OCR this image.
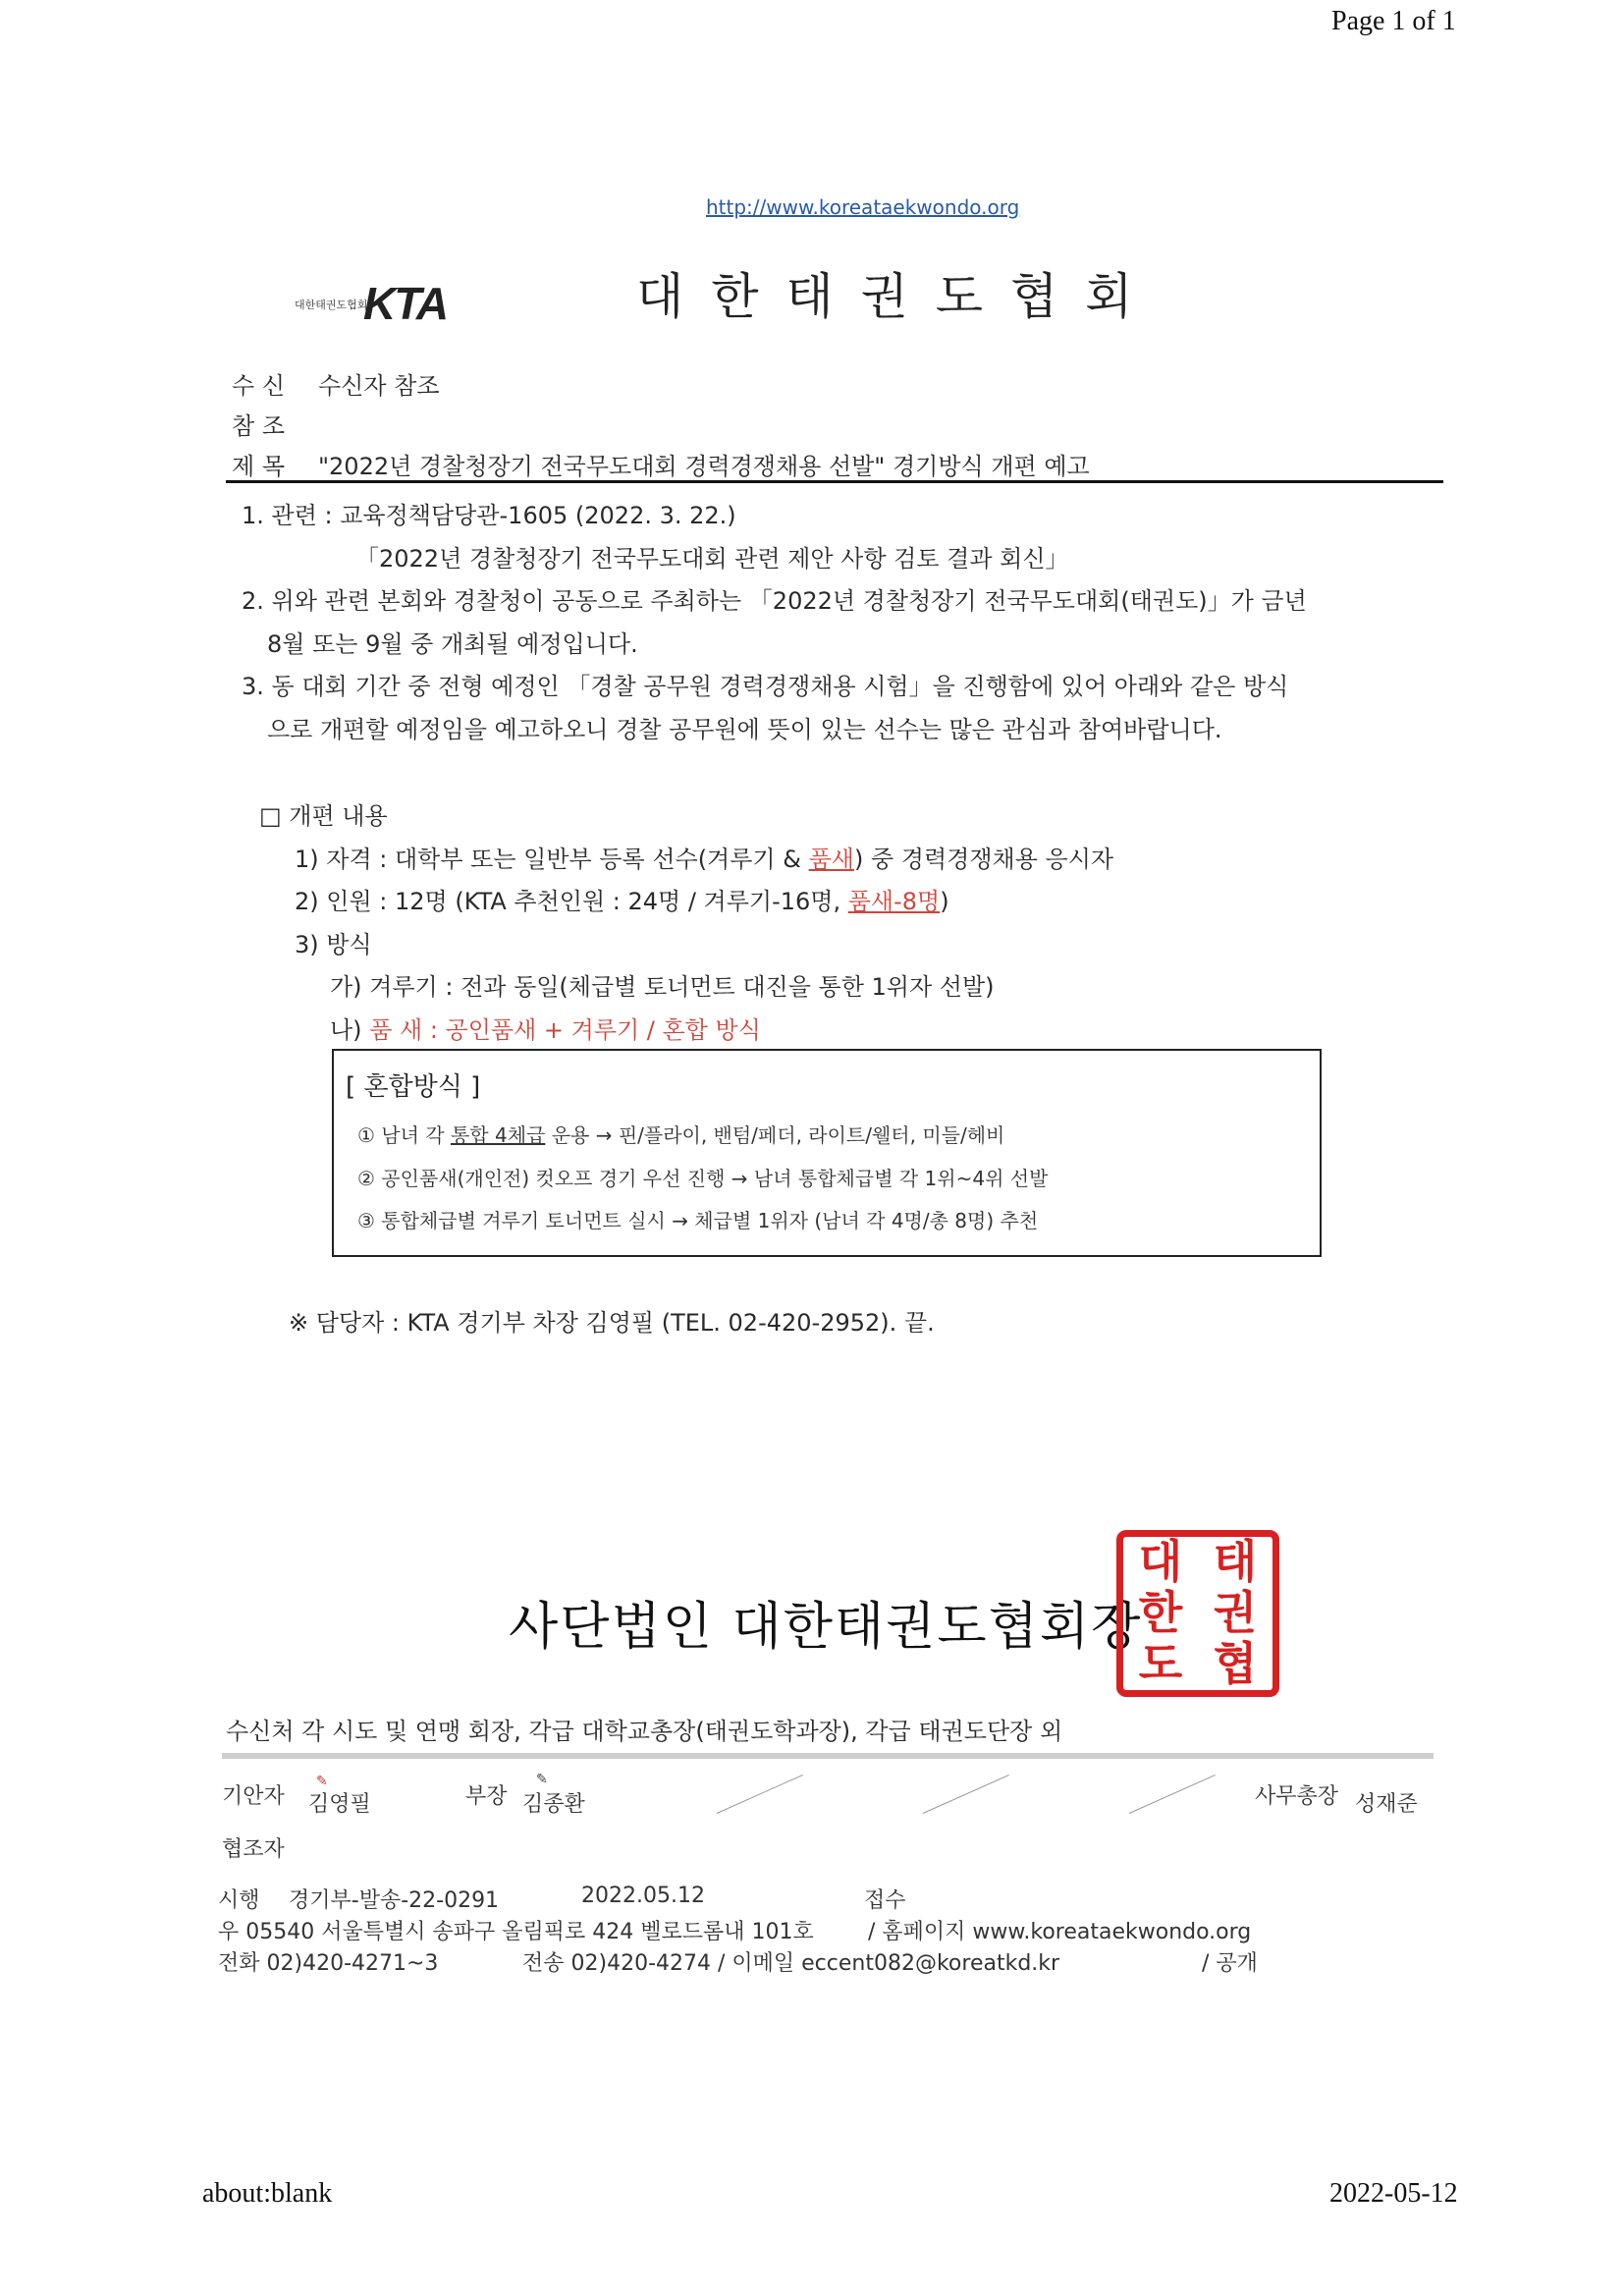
Page 1 of 1
about:blank	2022-05-12
http://www.koreataekwondo.org
대한태권도협회
KTA	대 한 태 권 도 협 회
수 신 수신자 참조
참 조
제 목 "2022년 경찰청장기 전국무도대회 경력경쟁채용 선발" 경기방식 개편 예고
1. 관련 : 교육정책담당관-1605 (2022. 3. 22.)
「2022년 경찰청장기 전국무도대회 관련 제안 사항 검토 결과 회신」
2. 위와 관련 본회와 경찰청이 공동으로 주최하는 「2022년 경찰청장기 전국무도대회(태권도)」가 금년
8월 또는 9월 중 개최될 예정입니다.
3. 동 대회 기간 중 전형 예정인 「경찰 공무원 경력경쟁채용 시험」을 진행함에 있어 아래와 같은 방식
으로 개편할 예정임을 예고하오니 경찰 공무원에 뜻이 있는 선수는 많은 관심과 참여바랍니다.
□ 개편 내용
1) 자격 : 대학부 또는 일반부 등록 선수(겨루기 & 품새) 중 경력경쟁채용 응시자
2) 인원 : 12명 (KTA 추천인원 : 24명 / 겨루기-16명, 품새-8명)
3) 방식
가) 겨루기 : 전과 동일(체급별 토너먼트 대진을 통한 1위자 선발)
나) 품 새 : 공인품새 + 겨루기 / 혼합 방식
[ 혼합방식 ]
① 남녀 각 통합 4체급 운용 → 핀/플라이, 밴텀/페더, 라이트/웰터, 미들/헤비
② 공인품새(개인전) 컷오프 경기 우선 진행 → 남녀 통합체급별 각 1위~4위 선발
③ 통합체급별 겨루기 토너먼트 실시 → 체급별 1위자 (남녀 각 4명/총 8명) 추천
※ 담당자 : KTA 경기부 차장 김영필 (TEL. 02-420-2952). 끝.
사단법인 대한태권도협회장
대 태
한 권
도 협
수신처 각 시도 및 연맹 회장, 각급 대학교총장(태권도학과장), 각급 태권도단장 외
기안자
✎
김영필	부장
✎
김종환	사무총장 성재준
협조자
시행 경기부-발송-22-0291	2022.05.12	접수
우 05540 서울특별시 송파구 올림픽로 424 벨로드롬내 101호	/ 홈페이지 www.koreataekwondo.org
전화 02)420-4271~3	전송 02)420-4274 / 이메일 eccent082@koreatkd.kr	/ 공개
